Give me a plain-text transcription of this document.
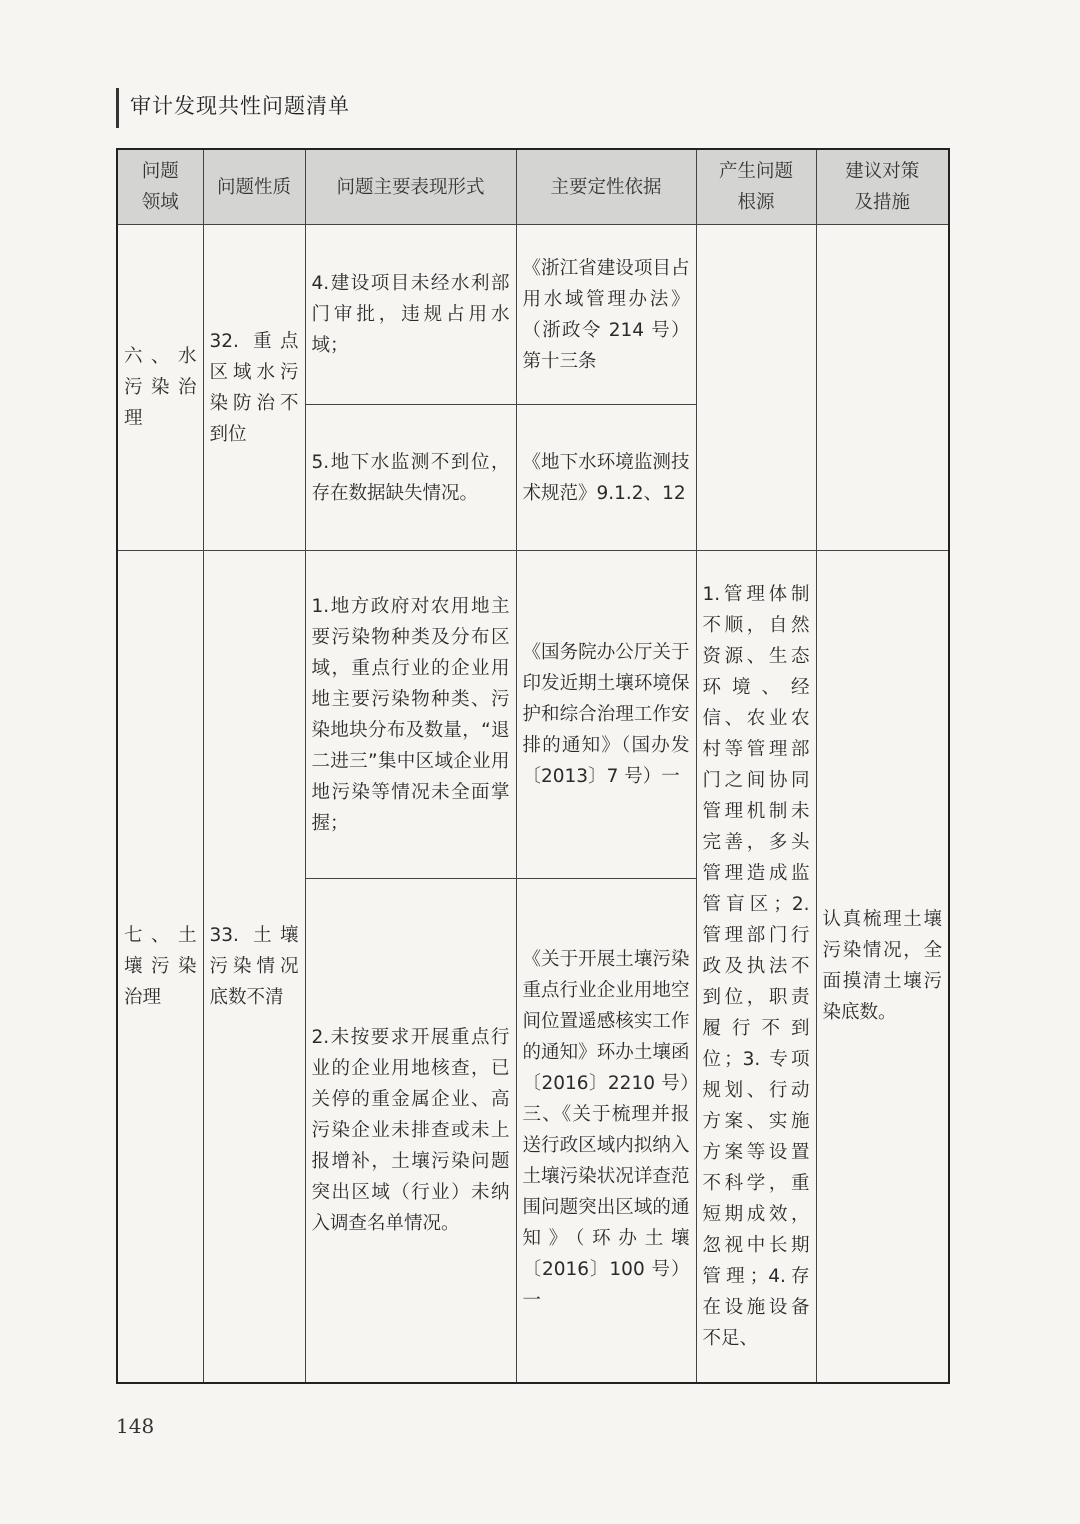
审计发现共性问题清单
问题领域	问题性质	问题主要表现形式	主要定性依据	产生问题根源	建议对策及措施
六、水污染治理	32. 重点区域水污染防治不到位	4.建设项目未经水利部门审批，违规占用水域；	《浙江省建设项目占用水域管理办法》（浙政令 214 号）第十三条		
		5.地下水监测不到位，存在数据缺失情况。	《地下水环境监测技术规范》9.1.2、12		
七、土壤污染治理	33. 土壤污染情况底数不清	1.地方政府对农用地主要污染物种类及分布区域，重点行业的企业用地主要污染物种类、污染地块分布及数量，“退二进三”集中区域企业用地污染等情况未全面掌握；	《国务院办公厅关于印发近期土壤环境保护和综合治理工作安排的通知》（国办发〔2013〕7 号）一	1.管理体制不顺，自然资源、生态环境、经信、农业农村等管理部门之间协同管理机制未完善，多头管理造成监管盲区；2.管理部门行政及执法不到位，职责履行不到位；3. 专项规划、行动方案、实施方案等设置不科学，重短期成效，忽视中长期管理；4.存在设施设备不足、	认真梳理土壤污染情况，全面摸清土壤污染底数。
		2.未按要求开展重点行业的企业用地核查，已关停的重金属企业、高污染企业未排查或未上报增补，土壤污染问题突出区域（行业）未纳入调查名单情况。	《关于开展土壤污染重点行业企业用地空间位置遥感核实工作的通知》环办土壤函〔2016〕2210 号）三、《关于梳理并报送行政区域内拟纳入土壤污染状况详查范围问题突出区域的通知》（环办土壤〔2016〕100 号）一		
148
